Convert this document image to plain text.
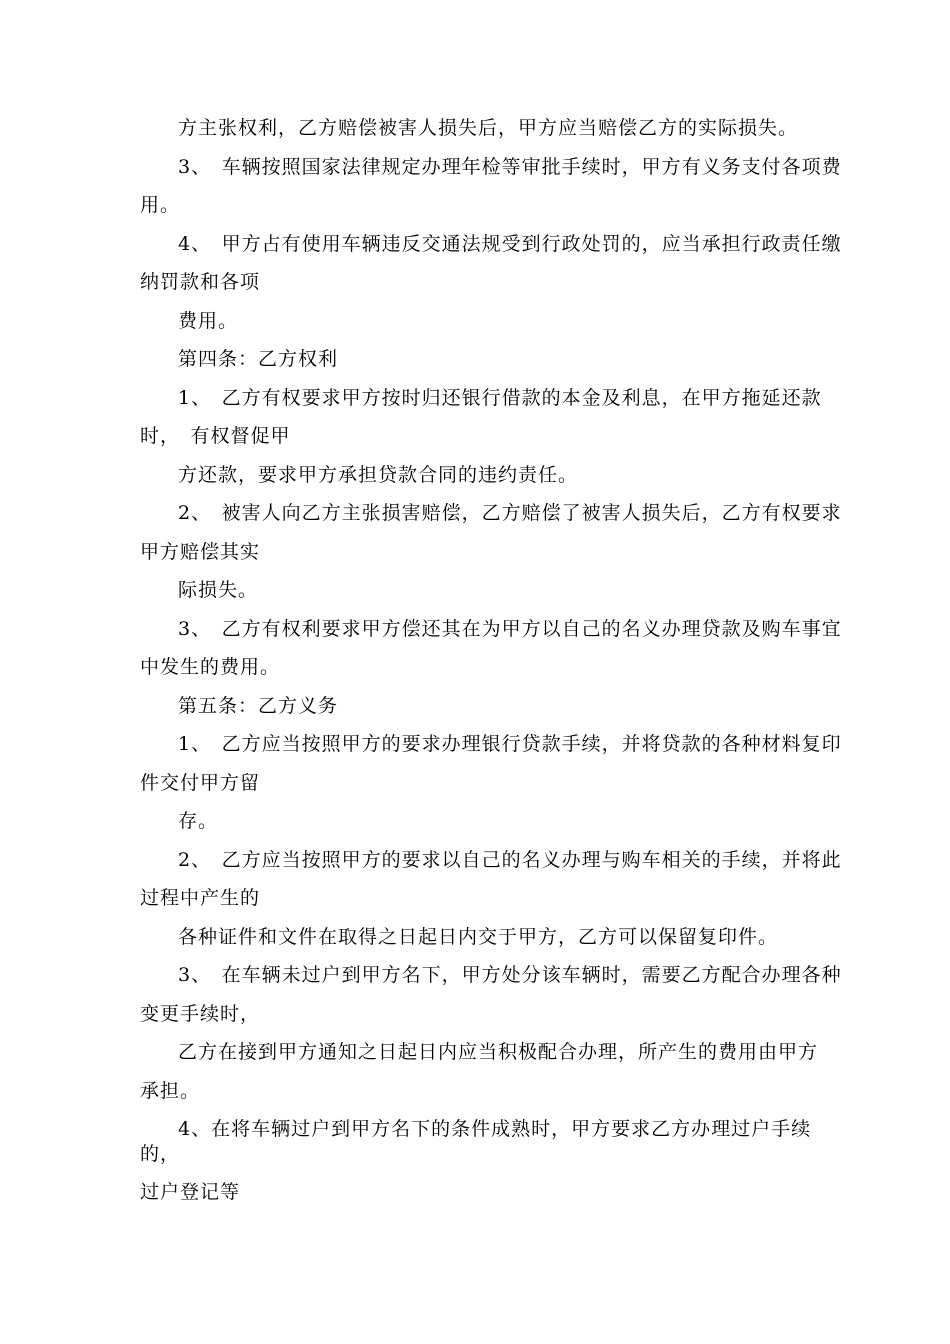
方主张权利，乙方赔偿被害人损失后，甲方应当赔偿乙方的实际损失。
3、　车辆按照国家法律规定办理年检等审批手续时，甲方有义务支付各项费
用。
4、　甲方占有使用车辆违反交通法规受到行政处罚的，应当承担行政责任缴
纳罚款和各项
费用。
第四条：乙方权利
1、　乙方有权要求甲方按时归还银行借款的本金及利息，在甲方拖延还款
时，　有权督促甲
方还款，要求甲方承担贷款合同的违约责任。
2、　被害人向乙方主张损害赔偿，乙方赔偿了被害人损失后，乙方有权要求
甲方赔偿其实
际损失。
3、　乙方有权利要求甲方偿还其在为甲方以自己的名义办理贷款及购车事宜
中发生的费用。
第五条：乙方义务
1、　乙方应当按照甲方的要求办理银行贷款手续，并将贷款的各种材料复印
件交付甲方留
存。
2、　乙方应当按照甲方的要求以自己的名义办理与购车相关的手续，并将此
过程中产生的
各种证件和文件在取得之日起日内交于甲方，乙方可以保留复印件。
3、　在车辆未过户到甲方名下，甲方处分该车辆时，需要乙方配合办理各种
变更手续时，
乙方在接到甲方通知之日起日内应当积极配合办理，所产生的费用由甲方
承担。
4、在将车辆过户到甲方名下的条件成熟时，甲方要求乙方办理过户手续
的，
过户登记等
